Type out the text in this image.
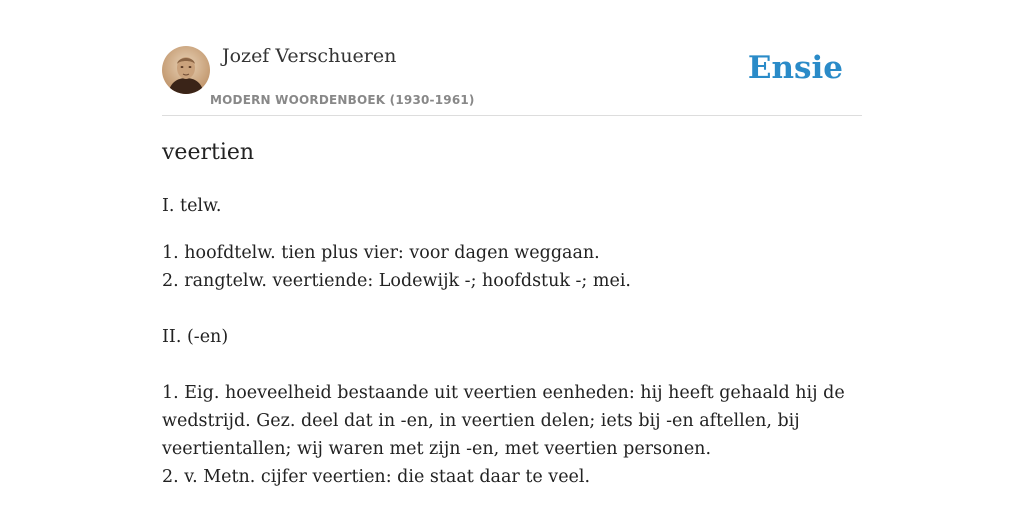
Jozef Verschueren
MODERN WOORDENBOEK (1930-1961)
Ensie
veertien

I. telw.

1. hoofdtelw. tien plus vier: voor dagen weggaan.

2. rangtelw. veertiende: Lodewijk -; hoofdstuk -; mei.

II. (-en)

1. Eig. hoeveelheid bestaande uit veertien eenheden: hij heeft gehaald hij de wedstrijd. Gez. deel dat in -en, in veertien delen; iets bij -en aftellen, bij veertientallen; wij waren met zijn -en, met veertien personen.

2. v. Metn. cijfer veertien: die staat daar te veel.
